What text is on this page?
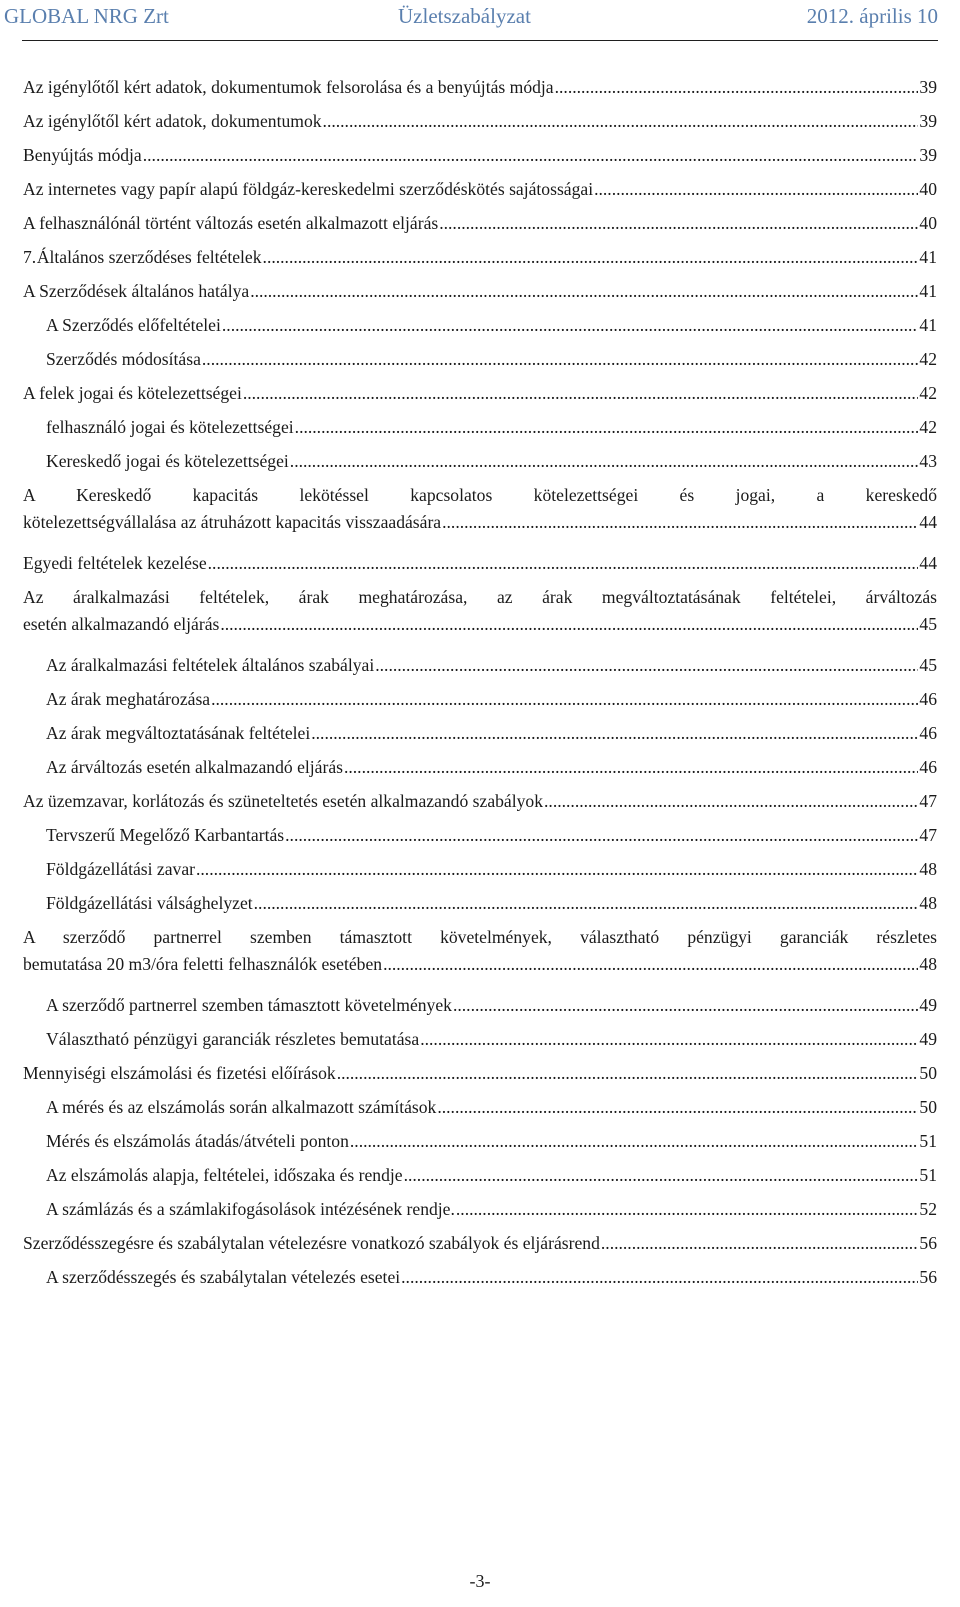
GLOBAL NRG Zrt	Üzletszabályzat	2012. április 10
Az igénylőtől kért adatok, dokumentumok felsorolása és a benyújtás módja .....	39
Az igénylőtől kért adatok, dokumentumok .....	39
Benyújtás módja .....	39
Az internetes vagy papír alapú földgáz-kereskedelmi szerződéskötés sajátosságai .....	40
A felhasználónál történt változás esetén alkalmazott eljárás .....	40
7. Általános szerződéses feltételek .....	41
A Szerződések általános hatálya .....	41
A Szerződés előfeltételei .....	41
Szerződés módosítása .....	42
A felek jogai és kötelezettségei .....	42
felhasználó jogai és kötelezettségei .....	42
Kereskedő jogai és kötelezettségei .....	43
A Kereskedő kapacitás lekötéssel kapcsolatos kötelezettségei és jogai, a kereskedő
kötelezettségvállalása az átruházott kapacitás visszaadására .....	44
Egyedi feltételek kezelése .....	44
Az áralkalmazási feltételek, árak meghatározása, az árak megváltoztatásának feltételei, árváltozás
esetén alkalmazandó eljárás .....	45
Az áralkalmazási feltételek általános szabályai .....	45
Az árak meghatározása .....	46
Az árak megváltoztatásának feltételei .....	46
Az árváltozás esetén alkalmazandó eljárás .....	46
Az üzemzavar, korlátozás és szüneteltetés esetén alkalmazandó szabályok .....	47
Tervszerű Megelőző Karbantartás .....	47
Földgázellátási zavar .....	48
Földgázellátási válsághelyzet .....	48
A szerződő partnerrel szemben támasztott követelmények, választható pénzügyi garanciák részletes
bemutatása 20 m3/óra feletti felhasználók esetében .....	48
A szerződő partnerrel szemben támasztott követelmények .....	49
Választható pénzügyi garanciák részletes bemutatása .....	49
Mennyiségi elszámolási és fizetési előírások .....	50
A mérés és az elszámolás során alkalmazott számítások .....	50
Mérés és elszámolás átadás/átvételi ponton .....	51
Az elszámolás alapja, feltételei, időszaka és rendje .....	51
A számlázás és a számlakifogásolások intézésének rendje. .....	52
Szerződésszegésre és szabálytalan vételezésre vonatkozó szabályok és eljárásrend .....	56
A szerződésszegés és szabálytalan vételezés esetei .....	56
-3-
